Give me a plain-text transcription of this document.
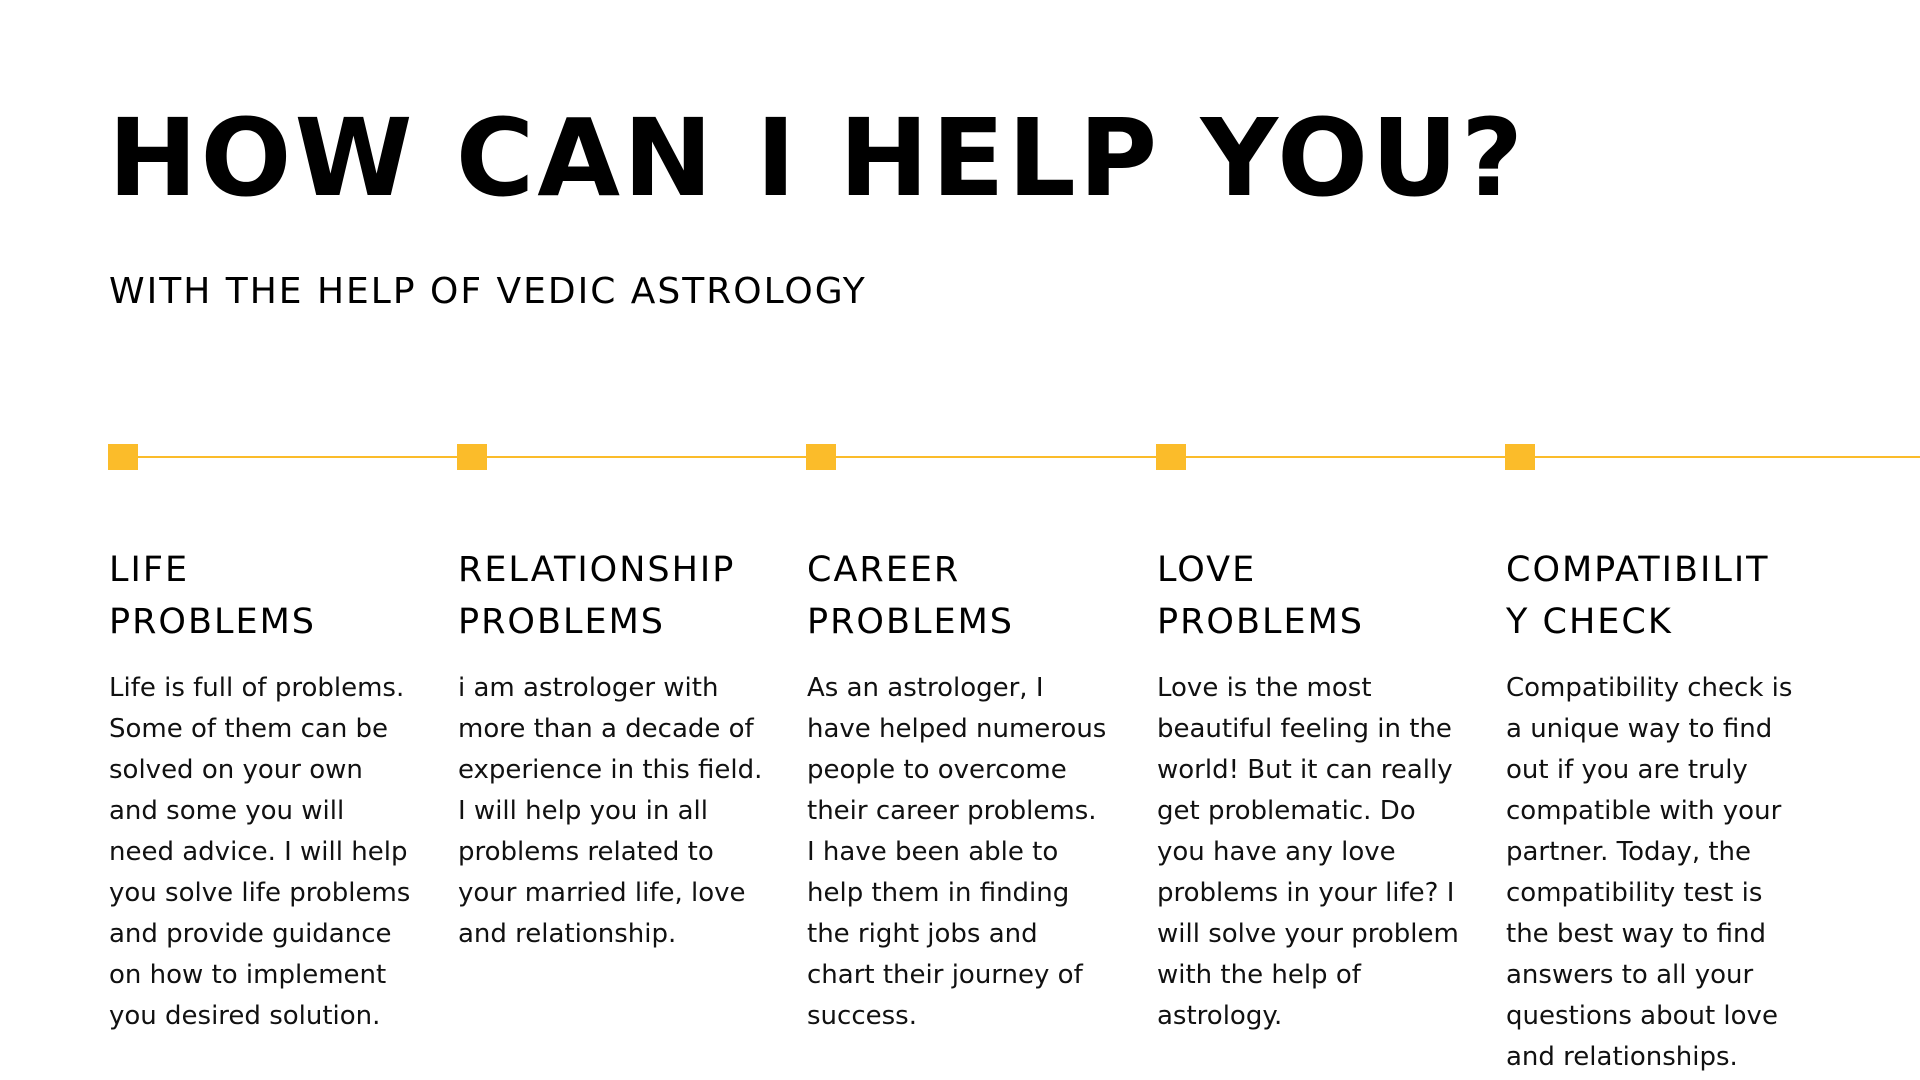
HOW CAN I HELP YOU?
WITH THE HELP OF VEDIC ASTROLOGY
LIFE
PROBLEMS
Life is full of problems.
Some of them can be
solved on your own
and some you will
need advice. I will help
you solve life problems
and provide guidance
on how to implement
you desired solution.
RELATIONSHIP
PROBLEMS
i am astrologer with
more than a decade of
experience in this field.
I will help you in all
problems related to
your married life, love
and relationship.
CAREER
PROBLEMS
As an astrologer, I
have helped numerous
people to overcome
their career problems.
I have been able to
help them in finding
the right jobs and
chart their journey of
success.
LOVE
PROBLEMS
Love is the most
beautiful feeling in the
world! But it can really
get problematic. Do
you have any love
problems in your life? I
will solve your problem
with the help of
astrology.
COMPATIBILIT
Y CHECK
Compatibility check is
a unique way to find
out if you are truly
compatible with your
partner. Today, the
compatibility test is
the best way to find
answers to all your
questions about love
and relationships.
